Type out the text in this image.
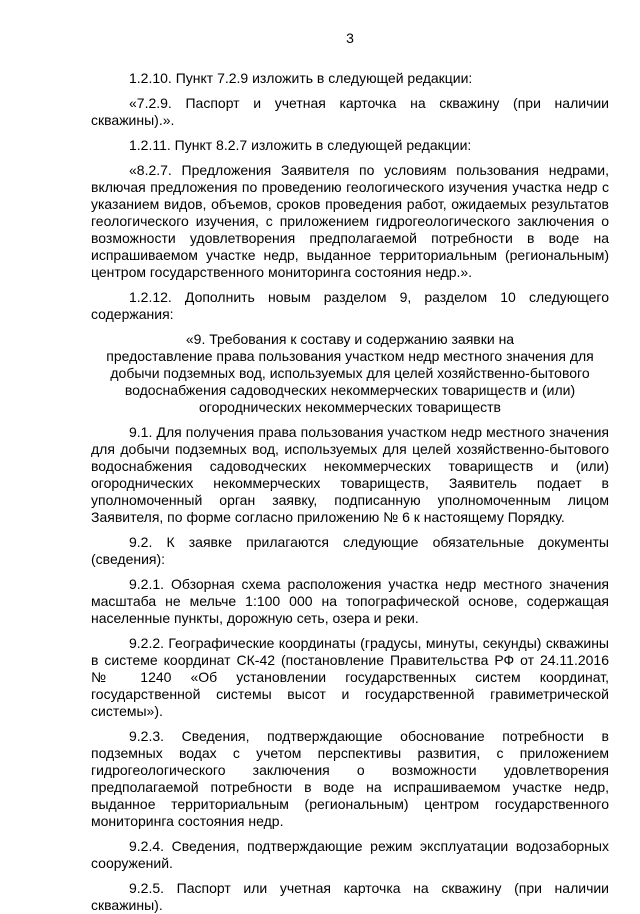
3

1.2.10. Пункт 7.2.9 изложить в следующей редакции:

«7.2.9. Паспорт и учетная карточка на скважину (при наличии скважины).».

1.2.11. Пункт 8.2.7 изложить в следующей редакции:

«8.2.7. Предложения Заявителя по условиям пользования недрами, включая предложения по проведению геологического изучения участка недр с указанием видов, объемов, сроков проведения работ, ожидаемых результатов геологического изучения, с приложением гидрогеологического заключения о возможности удовлетворения предполагаемой потребности в воде на испрашиваемом участке недр, выданное территориальным (региональным) центром государственного мониторинга состояния недр.».

1.2.12. Дополнить новым разделом 9, разделом 10 следующего содержания:

«9. Требования к составу и содержанию заявки на
предоставление права пользования участком недр местного значения для
добычи подземных вод, используемых для целей хозяйственно-бытового
водоснабжения садоводческих некоммерческих товариществ и (или)
огороднических некоммерческих товариществ

9.1. Для получения права пользования участком недр местного значения для добычи подземных вод, используемых для целей хозяйственно-бытового водоснабжения садоводческих некоммерческих товариществ и (или) огороднических некоммерческих товариществ, Заявитель подает в уполномоченный орган заявку, подписанную уполномоченным лицом Заявителя, по форме согласно приложению № 6 к настоящему Порядку.

9.2. К заявке прилагаются следующие обязательные документы (сведения):

9.2.1. Обзорная схема расположения участка недр местного значения масштаба не мельче 1:100 000 на топографической основе, содержащая населенные пункты, дорожную сеть, озера и реки.

9.2.2. Географические координаты (градусы, минуты, секунды) скважины в системе координат СК-42 (постановление Правительства РФ от 24.11.2016 № 1240 «Об установлении государственных систем координат, государственной системы высот и государственной гравиметрической системы»).

9.2.3. Сведения, подтверждающие обоснование потребности в подземных водах с учетом перспективы развития, с приложением гидрогеологического заключения о возможности удовлетворения предполагаемой потребности в воде на испрашиваемом участке недр, выданное территориальным (региональным) центром государственного мониторинга состояния недр.

9.2.4. Сведения, подтверждающие режим эксплуатации водозаборных сооружений.

9.2.5. Паспорт или учетная карточка на скважину (при наличии скважины).
